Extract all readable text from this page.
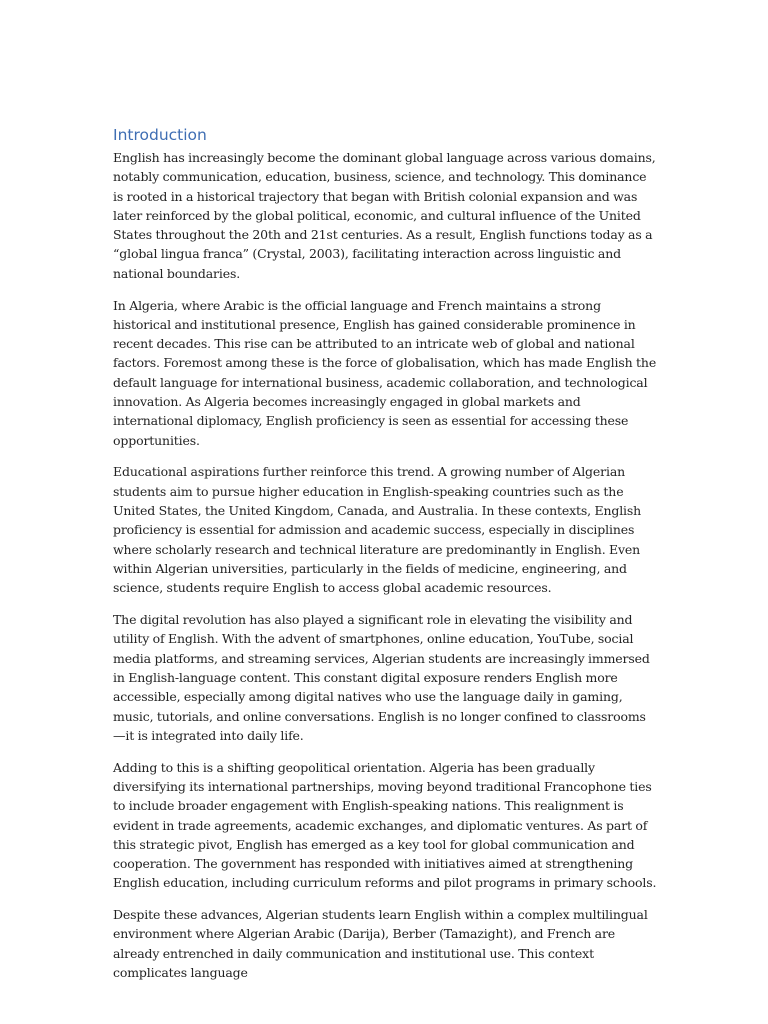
Introduction

English has increasingly become the dominant global language across various domains, notably communication, education, business, science, and technology. This dominance is rooted in a historical trajectory that began with British colonial expansion and was later reinforced by the global political, economic, and cultural influence of the United States throughout the 20th and 21st centuries. As a result, English functions today as a “global lingua franca” (Crystal, 2003), facilitating interaction across linguistic and national boundaries.

In Algeria, where Arabic is the official language and French maintains a strong historical and institutional presence, English has gained considerable prominence in recent decades. This rise can be attributed to an intricate web of global and national factors. Foremost among these is the force of globalisation, which has made English the default language for international business, academic collaboration, and technological innovation. As Algeria becomes increasingly engaged in global markets and international diplomacy, English proficiency is seen as essential for accessing these opportunities.

Educational aspirations further reinforce this trend. A growing number of Algerian students aim to pursue higher education in English-speaking countries such as the United States, the United Kingdom, Canada, and Australia. In these contexts, English proficiency is essential for admission and academic success, especially in disciplines where scholarly research and technical literature are predominantly in English. Even within Algerian universities, particularly in the fields of medicine, engineering, and science, students require English to access global academic resources.

The digital revolution has also played a significant role in elevating the visibility and utility of English. With the advent of smartphones, online education, YouTube, social media platforms, and streaming services, Algerian students are increasingly immersed in English-language content. This constant digital exposure renders English more accessible, especially among digital natives who use the language daily in gaming, music, tutorials, and online conversations. English is no longer confined to classrooms—it is integrated into daily life.

Adding to this is a shifting geopolitical orientation. Algeria has been gradually diversifying its international partnerships, moving beyond traditional Francophone ties to include broader engagement with English-speaking nations. This realignment is evident in trade agreements, academic exchanges, and diplomatic ventures. As part of this strategic pivot, English has emerged as a key tool for global communication and cooperation. The government has responded with initiatives aimed at strengthening English education, including curriculum reforms and pilot programs in primary schools.

Despite these advances, Algerian students learn English within a complex multilingual environment where Algerian Arabic (Darija), Berber (Tamazight), and French are already entrenched in daily communication and institutional use. This context complicates language
